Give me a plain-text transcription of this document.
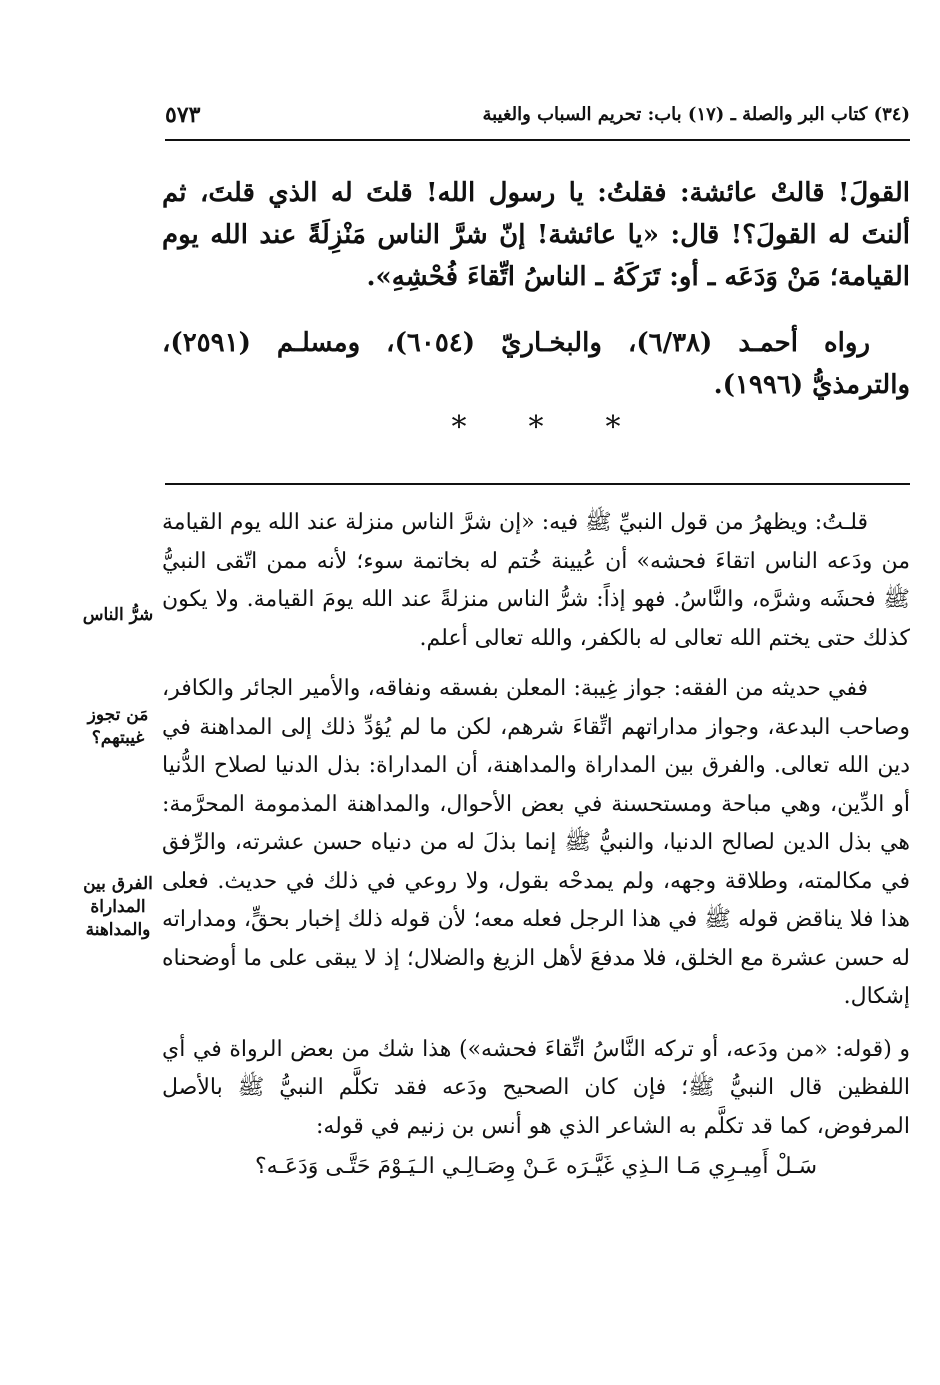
(٣٤) كتاب البر والصلة ـ (١٧) باب: تحريم السباب والغيبة
٥٧٣
القولَ! قالتْ عائشة: فقلتُ: يا رسول الله! قلتَ له الذي قلتَ، ثم ألنتَ له القولَ؟! قال: «يا عائشة! إنّ شرَّ الناس مَنْزِلَةً عند الله يوم القيامة؛ مَنْ وَدَعَه ـ أو: تَرَكَهُ ـ الناسُ اتِّقاءَ فُحْشِهِ».

رواه أحمـد (٦/٣٨)، والبخـاريّ (٦٠٥٤)، ومسلـم (٢٥٩١)، والترمذيُّ (١٩٩٦).

* * *

قلـتُ: ويظهرُ من قول النبيِّ ﷺ فيه: «إن شرَّ الناس منزلة عند الله يوم القيامة من ودَعه الناس اتقاءَ فحشه» أن عُيينة خُتم له بخاتمة سوء؛ لأنه ممن اتّقى النبيُّ ﷺ فحشَه وشرَّه، والنَّاسُ. فهو إذاً: شرُّ الناس منزلةً عند الله يومَ القيامة. ولا يكون كذلك حتى يختم الله تعالى له بالكفر، والله تعالى أعلم.

ففي حديثه من الفقه: جواز غِيبة: المعلن بفسقه ونفاقه، والأمير الجائر والكافر، وصاحب البدعة، وجواز مداراتهم اتِّقاءَ شرهم، لكن ما لم يُؤدِّ ذلك إلى المداهنة في دين الله تعالى. والفرق بين المداراة والمداهنة، أن المداراة: بذل الدنيا لصلاح الدُّنيا أو الدِّين، وهي مباحة ومستحسنة في بعض الأحوال، والمداهنة المذمومة المحرَّمة: هي بذل الدين لصالح الدنيا، والنبيُّ ﷺ إنما بذلَ له من دنياه حسن عشرته، والرِّفق في مكالمته، وطلاقة وجهه، ولم يمدحْه بقول، ولا روعي في ذلك في حديث. فعلى هذا فلا يناقض قوله ﷺ في هذا الرجل فعله معه؛ لأن قوله ذلك إخبار بحقٍّ، ومداراته له حسن عشرة مع الخلق، فلا مدفعَ لأهل الزيغ والضلال؛ إذ لا يبقى على ما أوضحناه إشكال.

و (قوله: «من ودَعه، أو تركه النَّاسُ اتِّقاءَ فحشه») هذا شك من بعض الرواة في أي اللفظين قال النبيُّ ﷺ؛ فإن كان الصحيح ودَعه فقد تكلَّم النبيُّ ﷺ بالأصل المرفوض، كما قد تكلَّم به الشاعر الذي هو أنس بن زنيم في قوله:

سَـلْ أَمِيـرِي مَـا الـذِي غَيَّـرَه عَـنْ وِصَـالِـي الـيَـوْمَ حَتَّـى وَدَعَـه؟

شرُّ الناس
مَن تجوز غيبتهم؟
الفرق بين المداراة والمداهنة
